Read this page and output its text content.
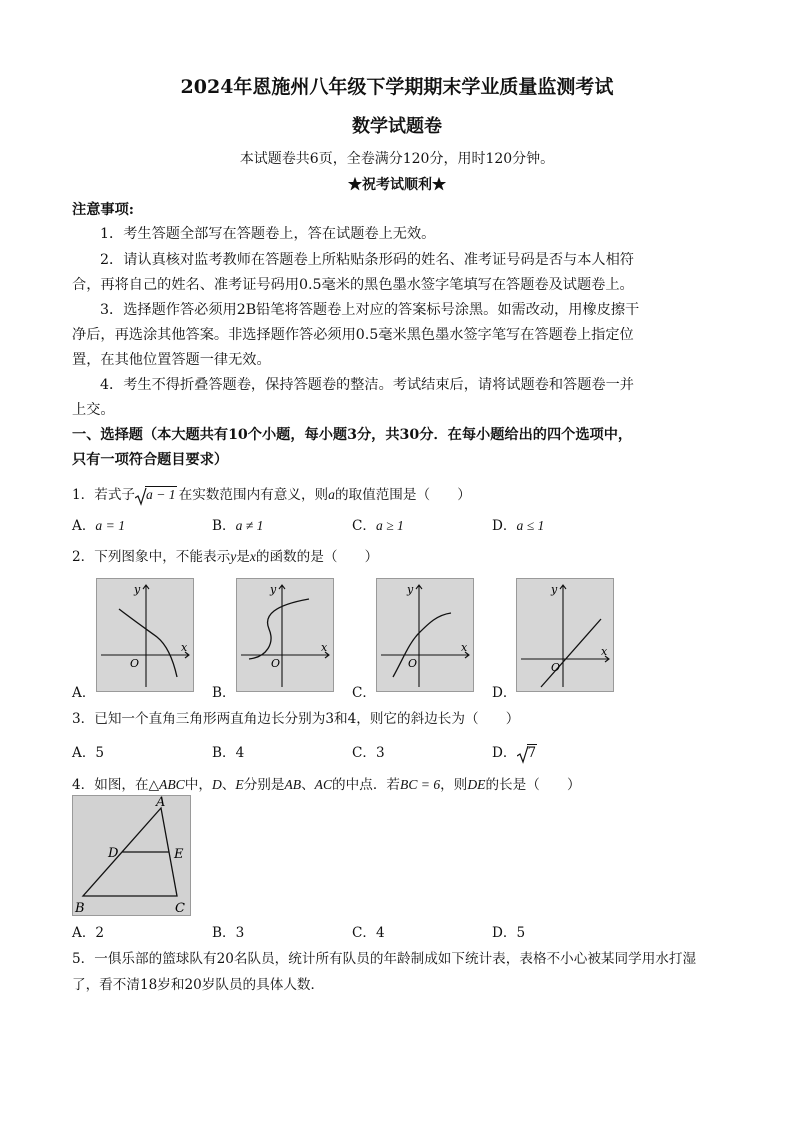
2024年恩施州八年级下学期期末学业质量监测考试
数学试题卷
本试题卷共6页，全卷满分120分，用时120分钟。
★祝考试顺利★
注意事项:
1．考生答题全部写在答题卷上，答在试题卷上无效。
2．请认真核对监考教师在答题卷上所粘贴条形码的姓名、准考证号码是否与本人相符
合，再将自己的姓名、准考证号码用0.5毫米的黑色墨水签字笔填写在答题卷及试题卷上。
3．选择题作答必须用2B铅笔将答题卷上对应的答案标号涂黑。如需改动，用橡皮擦干
净后，再选涂其他答案。非选择题作答必须用0.5毫米黑色墨水签字笔写在答题卷上指定位
置，在其他位置答题一律无效。
4．考生不得折叠答题卷，保持答题卷的整洁。考试结束后，请将试题卷和答题卷一并
上交。
一、选择题（本大题共有10个小题，每小题3分，共30分．在每小题给出的四个选项中，
只有一项符合题目要求）
1．若式子 a − 1 在实数范围内有意义，则a的取值范围是（　　）
A．a = 1	B．a ≠ 1	C．a ≥ 1	D．a ≤ 1
2．下列图象中，不能表示y是x的函数的是（　　）
O
x
y
A．
O
x
y
B．
O
x
y
C．
O
x
y
D．
3．已知一个直角三角形两直角边长分别为3和4，则它的斜边长为（　　）
A．5	B．4	C．3	D． 7
4．如图，在△ABC中，D、E分别是AB、AC的中点．若BC = 6，则DE的长是（　　）
A
B	C
D	E
A．2	B．3	C．4	D．5
5．一俱乐部的篮球队有20名队员，统计所有队员的年龄制成如下统计表，表格不小心被某同学用水打湿
了，看不清18岁和20岁队员的具体人数．
